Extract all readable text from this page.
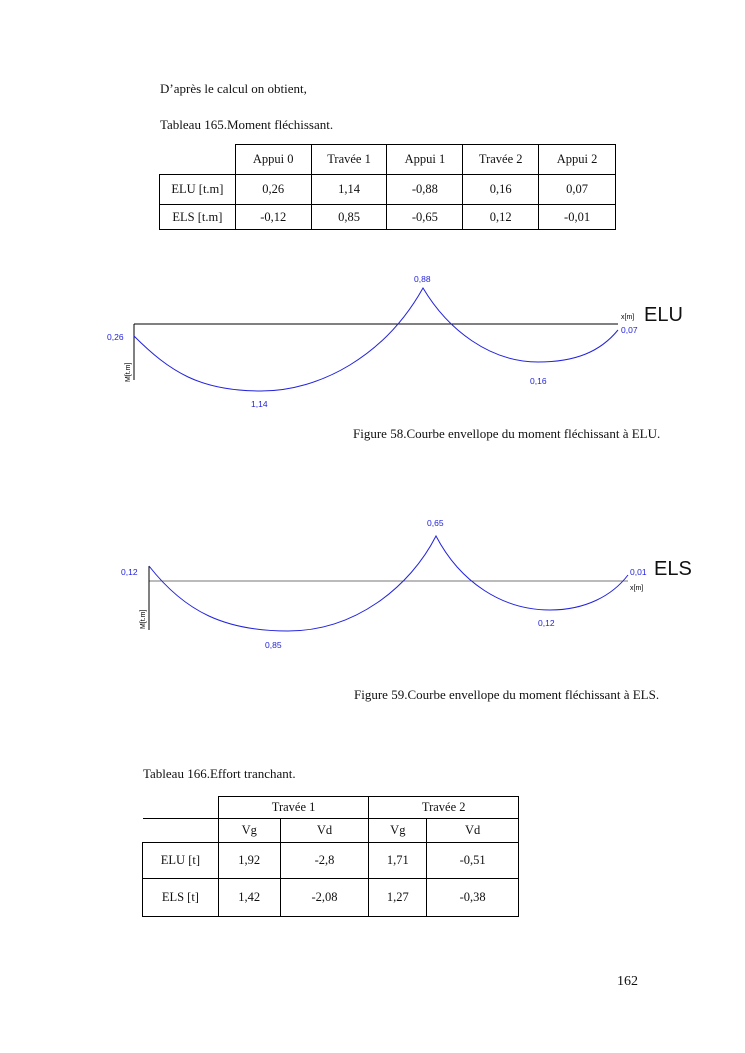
D’après le calcul on obtient,
Tableau 165.Moment fléchissant.
	Appui 0	Travée 1	Appui 1	Travée 2	Appui 2
ELU [t.m]	0,26	1,14	-0,88	0,16	0,07
ELS [t.m]	-0,12	0,85	-0,65	0,12	-0,01
0,26
1,14
0,88
0,16
0,07
x[m]
M[t.m]
ELU
Figure 58.Courbe envellope du moment fléchissant à ELU.
0,12
0,85
0,65
0,12
0,01
x[m]
M[t.m]
ELS
Figure 59.Courbe envellope du moment fléchissant à ELS.
Tableau 166.Effort tranchant.
	Travée 1		Travée 2	
	Vg	Vd	Vg	Vd
ELU [t]	1,92	-2,8	1,71	-0,51
ELS [t]	1,42	-2,08	1,27	-0,38
162
